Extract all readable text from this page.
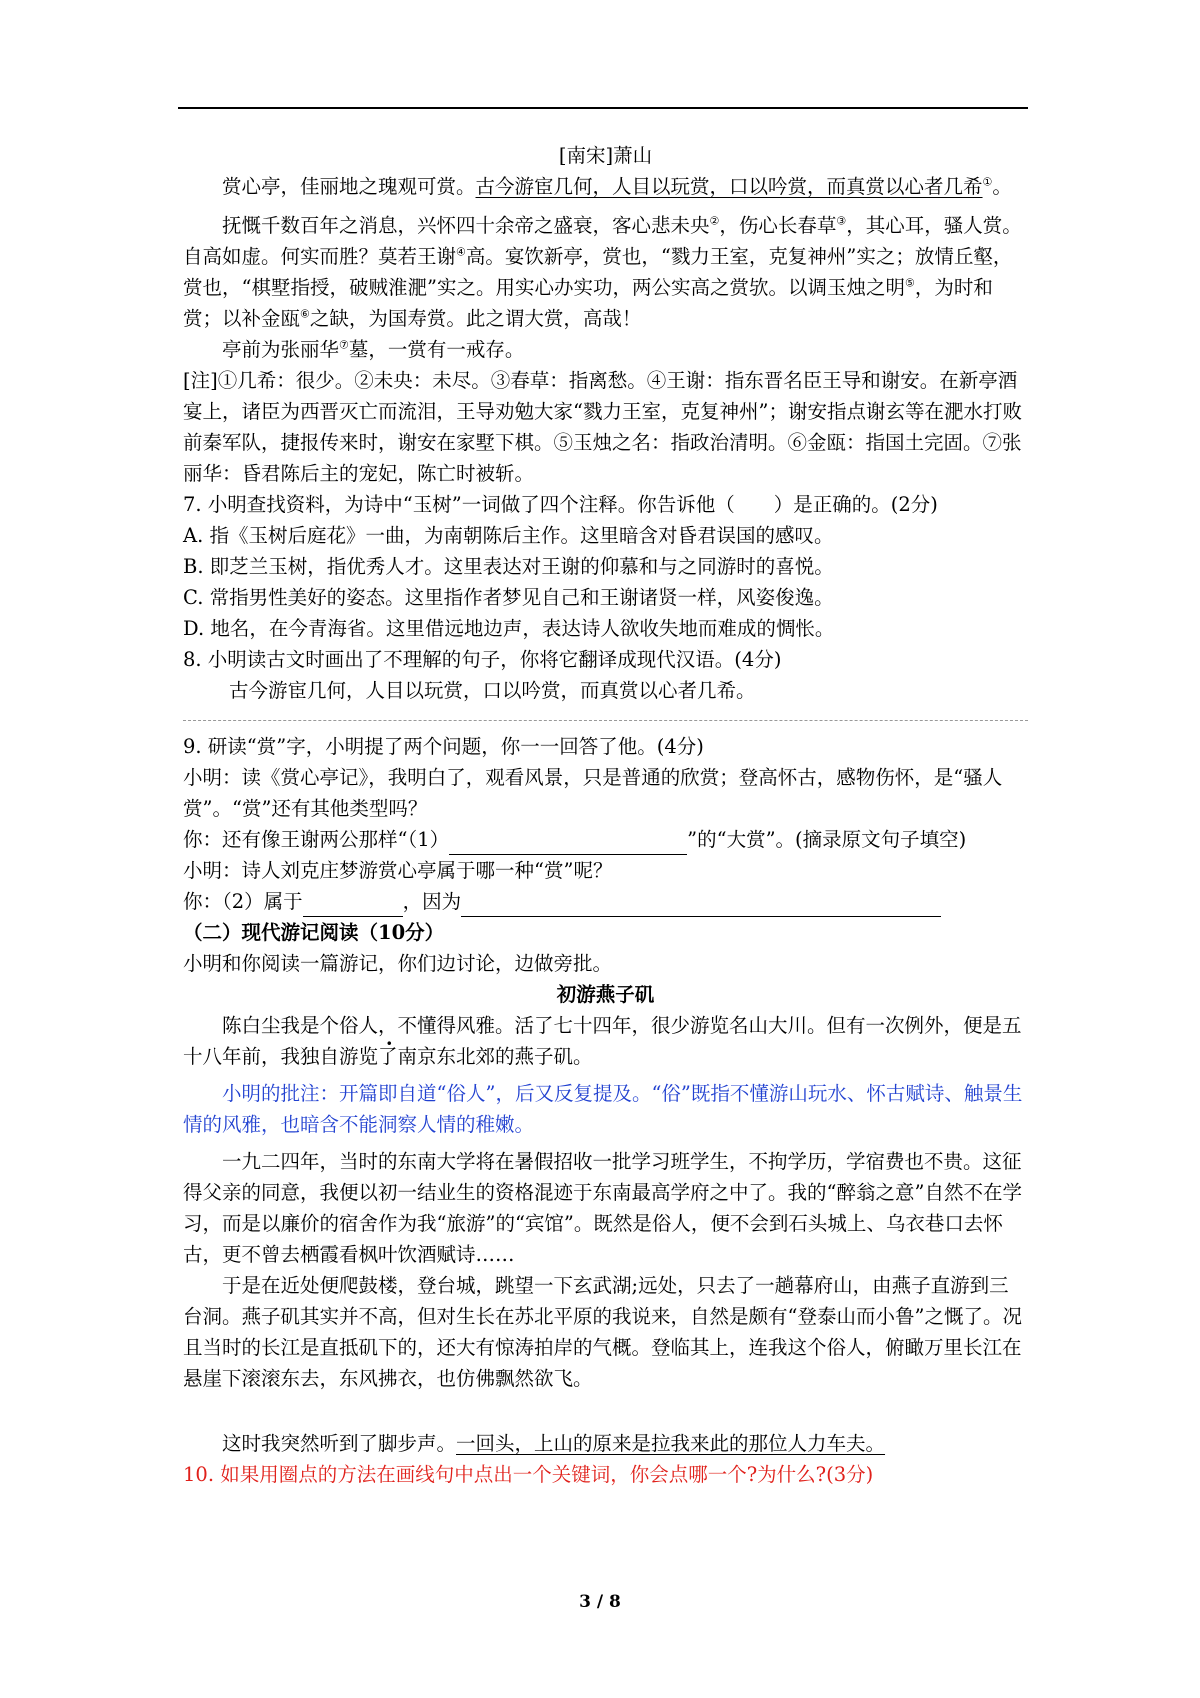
[南宋]萧山

赏心亭，佳丽地之瑰观可赏。古今游宦几何，人目以玩赏，口以吟赏，而真赏以心者几希①。

抚慨千数百年之消息，兴怀四十余帝之盛衰，客心悲未央②，伤心长春草③，其心耳，骚人赏。自高如虚。何实而胜？莫若王谢④高。宴饮新亭，赏也，“戮力王室，克复神州”实之；放情丘壑，赏也，“棋墅指授，破贼淮淝”实之。用实心办实功，两公实高之赏欤。以调玉烛之明⑤，为时和赏；以补金瓯⑥之缺，为国寿赏。此之谓大赏，高哉！

亭前为张丽华⑦墓，一赏有一戒存。

[注]①几希：很少。②未央：未尽。③春草：指离愁。④王谢：指东晋名臣王导和谢安。在新亭酒宴上，诸臣为西晋灭亡而流泪，王导劝勉大家“戮力王室，克复神州”；谢安指点谢玄等在淝水打败前秦军队，捷报传来时，谢安在家墅下棋。⑤玉烛之名：指政治清明。⑥金瓯：指国土完固。⑦张丽华：昏君陈后主的宠妃，陈亡时被斩。

7. 小明查找资料，为诗中“玉树”一词做了四个注释。你告诉他（　　）是正确的。(2分)

A. 指《玉树后庭花》一曲，为南朝陈后主作。这里暗含对昏君误国的感叹。

B. 即芝兰玉树，指优秀人才。这里表达对王谢的仰慕和与之同游时的喜悦。

C. 常指男性美好的姿态。这里指作者梦见自己和王谢诸贤一样，风姿俊逸。

D. 地名，在今青海省。这里借远地边声，表达诗人欲收失地而难成的惆怅。

8. 小明读古文时画出了不理解的句子，你将它翻译成现代汉语。(4分)

古今游宦几何，人目以玩赏，口以吟赏，而真赏以心者几希。

9. 研读“赏”字，小明提了两个问题，你一一回答了他。(4分)

小明：读《赏心亭记》，我明白了，观看风景，只是普通的欣赏；登高怀古，感物伤怀，是“骚人赏”。“赏”还有其他类型吗？

你：还有像王谢两公那样“（1）	”的“大赏”。(摘录原文句子填空)

小明：诗人刘克庄梦游赏心亭属于哪一种“赏”呢？

你：（2）属于	，因为

（二）现代游记阅读（10分）

小明和你阅读一篇游记，你们边讨论，边做旁批。

初游燕子矶

陈白尘我是个俗 ·人，不懂得风雅。活了七十四年，很少游览名山大川。但有一次例外，便是五十八年前，我独自游览了南京东北郊的燕子矶。

小明的批注：开篇即自道“俗人”，后又反复提及。“俗”既指不懂游山玩水、怀古赋诗、触景生情的风雅，也暗含不能洞察人情的稚嫩。

一九二四年，当时的东南大学将在暑假招收一批学习班学生，不拘学历，学宿费也不贵。这征得父亲的同意，我便以初一结业生的资格混迹于东南最高学府之中了。我的“醉翁之意”自然不在学习，而是以廉价的宿舍作为我“旅游”的“宾馆”。既然是俗人，便不会到石头城上、乌衣巷口去怀古，更不曾去栖霞看枫叶饮酒赋诗……

于是在近处便爬鼓楼，登台城，跳望一下玄武湖;远处，只去了一趟幕府山，由燕子直游到三台洞。燕子矶其实并不高，但对生长在苏北平原的我说来，自然是颇有“登泰山而小鲁”之慨了。况且当时的长江是直抵矶下的，还大有惊涛拍岸的气概。登临其上，连我这个俗人，俯瞰万里长江在悬崖下滚滚东去，东风拂衣，也仿佛飘然欲飞。

这时我突然听到了脚步声。一回头，上山的原来是拉我来此的那位人力车夫。

10. 如果用圈点的方法在画线句中点出一个关键词，你会点哪一个?为什么?(3分)

3 / 8
